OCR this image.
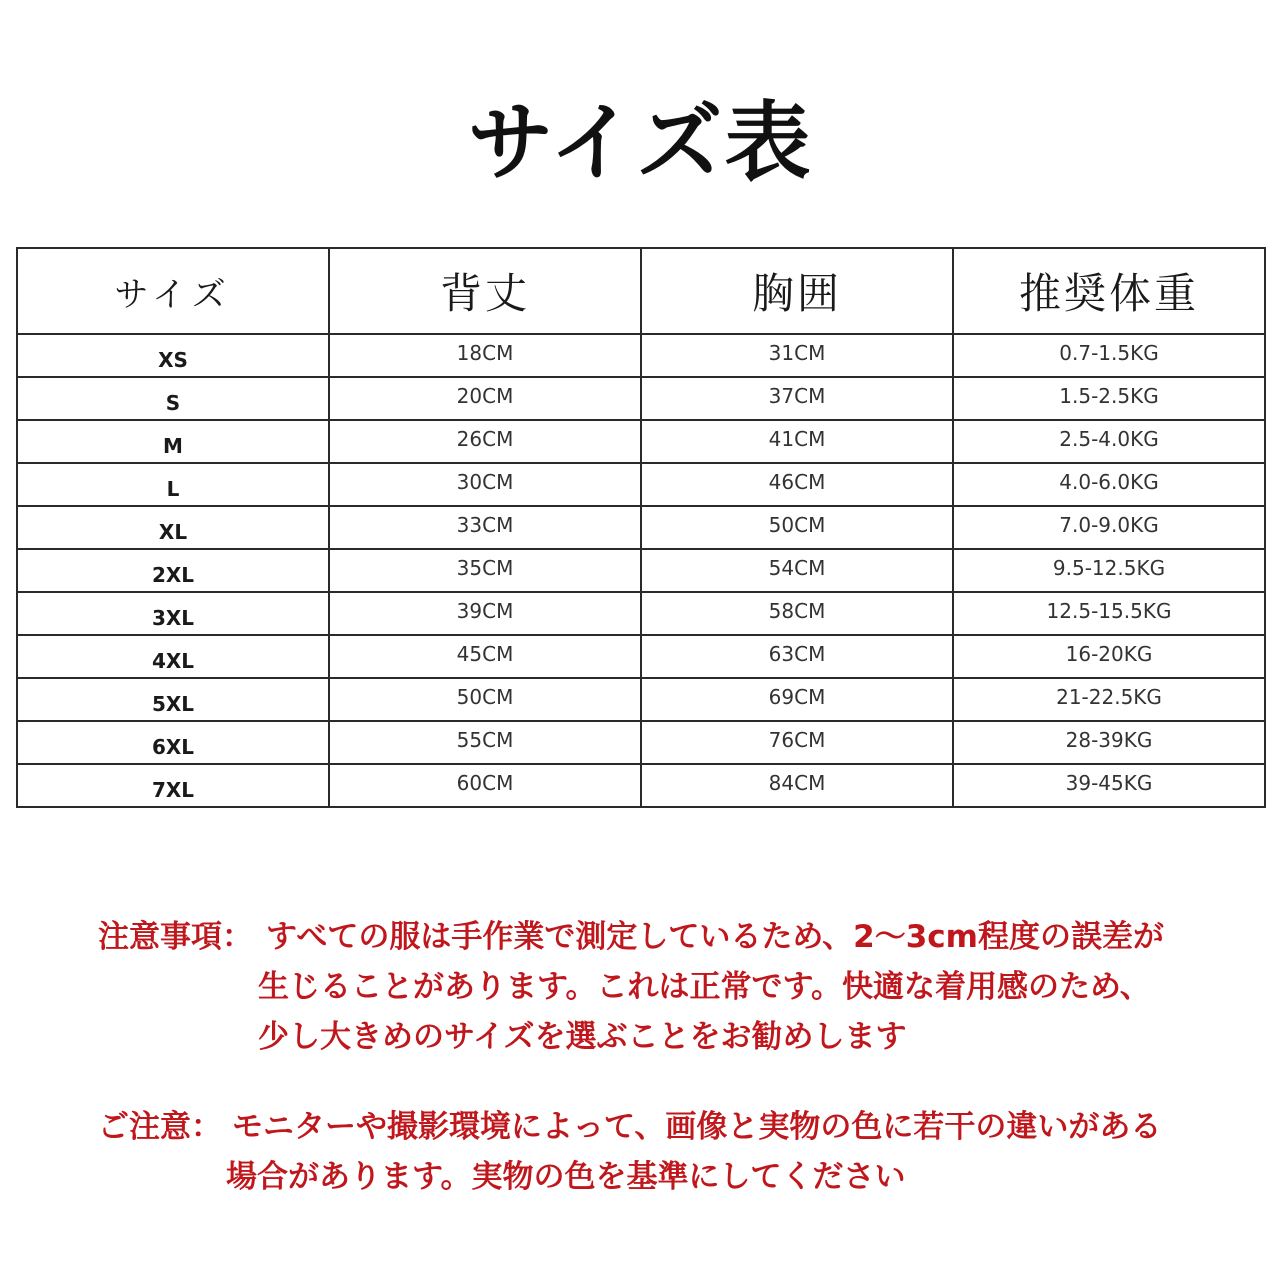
サイズ表
サイズ	背丈	胸囲	推奨体重
XS	18CM	31CM	0.7-1.5KG
S	20CM	37CM	1.5-2.5KG
M	26CM	41CM	2.5-4.0KG
L	30CM	46CM	4.0-6.0KG
XL	33CM	50CM	7.0-9.0KG
2XL	35CM	54CM	9.5-12.5KG
3XL	39CM	58CM	12.5-15.5KG
4XL	45CM	63CM	16-20KG
5XL	50CM	69CM	21-22.5KG
6XL	55CM	76CM	28-39KG
7XL	60CM	84CM	39-45KG
注意事項： すべての服は手作業で測定しているため、2～3cm程度の誤差が
生じることがあります。これは正常です。快適な着用感のため、
少し大きめのサイズを選ぶことをお勧めします
ご注意： モニターや撮影環境によって、画像と実物の色に若干の違いがある
場合があります。実物の色を基準にしてください
